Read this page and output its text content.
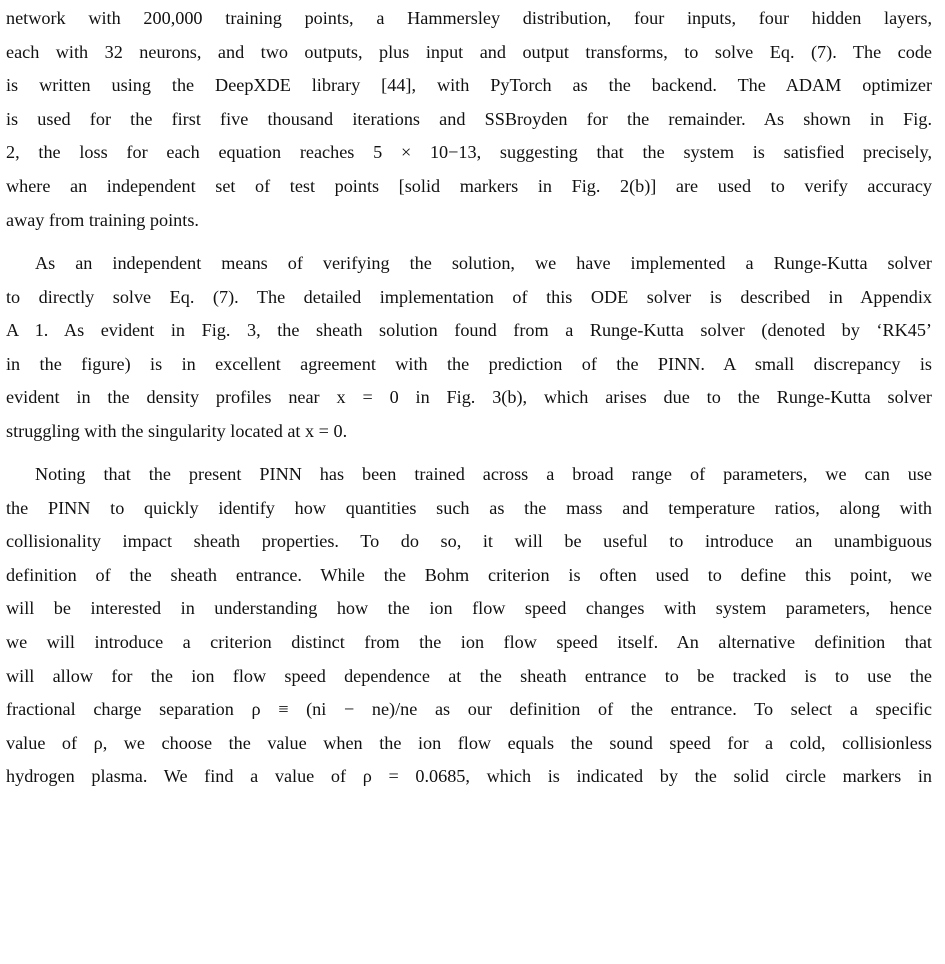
network with 200,000 training points, a Hammersley distribution, four inputs, four hidden layers,
each with 32 neurons, and two outputs, plus input and output transforms, to solve Eq. (7). The code
is written using the DeepXDE library [44], with PyTorch as the backend. The ADAM optimizer
is used for the first five thousand iterations and SSBroyden for the remainder. As shown in Fig.
2, the loss for each equation reaches 5 × 10−13, suggesting that the system is satisfied precisely,
where an independent set of test points [solid markers in Fig. 2(b)] are used to verify accuracy
away from training points.
As an independent means of verifying the solution, we have implemented a Runge-Kutta solver
to directly solve Eq. (7). The detailed implementation of this ODE solver is described in Appendix
A 1. As evident in Fig. 3, the sheath solution found from a Runge-Kutta solver (denoted by ‘RK45’
in the figure) is in excellent agreement with the prediction of the PINN. A small discrepancy is
evident in the density profiles near x = 0 in Fig. 3(b), which arises due to the Runge-Kutta solver
struggling with the singularity located at x = 0.
Noting that the present PINN has been trained across a broad range of parameters, we can use
the PINN to quickly identify how quantities such as the mass and temperature ratios, along with
collisionality impact sheath properties. To do so, it will be useful to introduce an unambiguous
definition of the sheath entrance. While the Bohm criterion is often used to define this point, we
will be interested in understanding how the ion flow speed changes with system parameters, hence
we will introduce a criterion distinct from the ion flow speed itself. An alternative definition that
will allow for the ion flow speed dependence at the sheath entrance to be tracked is to use the
fractional charge separation ρ ≡ (ni − ne)/ne as our definition of the entrance. To select a specific
value of ρ, we choose the value when the ion flow equals the sound speed for a cold, collisionless
hydrogen plasma. We find a value of ρ = 0.0685, which is indicated by the solid circle markers in
